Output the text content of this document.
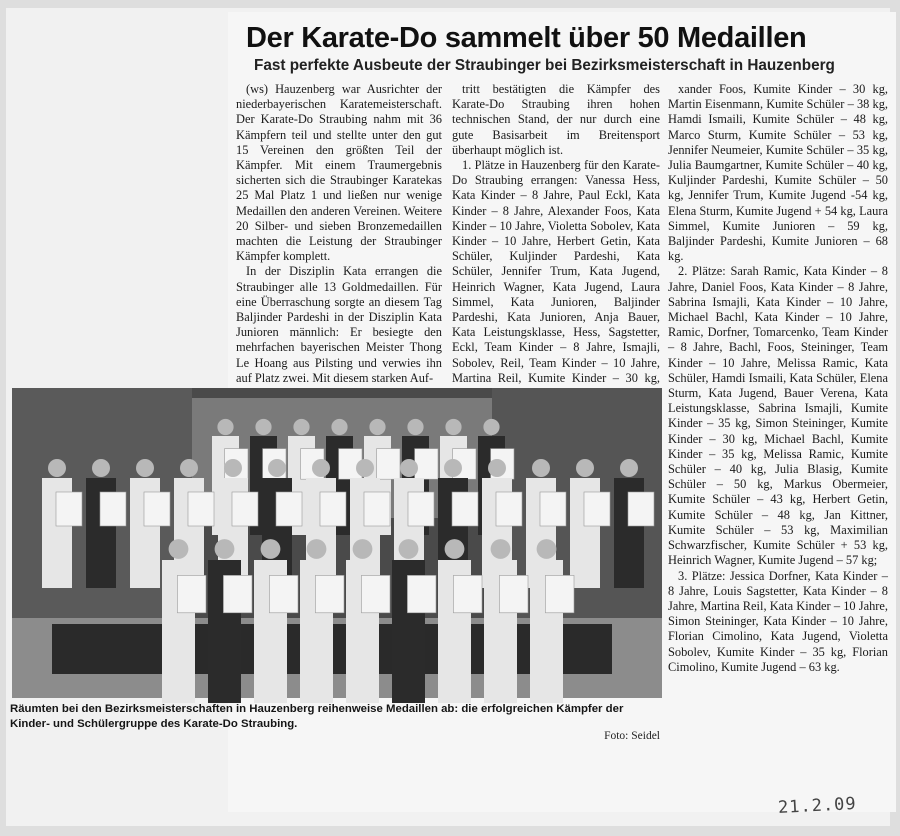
Der Karate-Do sammelt über 50 Medaillen
Fast perfekte Ausbeute der Straubinger bei Bezirksmeisterschaft in Hauzenberg

(ws) Hauzenberg war Ausrichter der niederbayerischen Karatemeisterschaft. Der Karate-Do Straubing nahm mit 36 Kämpfern teil und stellte unter den gut 15 Vereinen den größten Teil der Kämpfer. Mit einem Traumergebnis sicherten sich die Straubinger Karatekas 25 Mal Platz 1 und ließen nur wenige Medaillen den anderen Vereinen. Weitere 20 Silber- und sieben Bronzemedaillen machten die Leistung der Straubinger Kämpfer komplett.

In der Disziplin Kata errangen die Straubinger alle 13 Goldmedaillen. Für eine Überraschung sorgte an diesem Tag Baljinder Pardeshi in der Disziplin Kata Junioren männlich: Er besiegte den mehrfachen bayerischen Meister Thong Le Hoang aus Pilsting und verwies ihn auf Platz zwei. Mit diesem starken Auf-

tritt bestätigten die Kämpfer des Karate-Do Straubing ihren hohen technischen Stand, der nur durch eine gute Basisarbeit im Breitensport überhaupt möglich ist.

1. Plätze in Hauzenberg für den Karate-Do Straubing errangen: Vanessa Hess, Kata Kinder – 8 Jahre, Paul Eckl, Kata Kinder – 8 Jahre, Alexander Foos, Kata Kinder – 10 Jahre, Violetta Sobolev, Kata Kinder – 10 Jahre, Herbert Getin, Kata Schüler, Kuljinder Pardeshi, Kata Schüler, Jennifer Trum, Kata Jugend, Heinrich Wagner, Kata Jugend, Laura Simmel, Kata Junioren, Baljinder Pardeshi, Kata Junioren, Anja Bauer, Kata Leistungsklasse, Hess, Sagstetter, Eckl, Team Kinder – 8 Jahre, Ismajli, Sobolev, Reil, Team Kinder – 10 Jahre, Martina Reil, Kumite Kinder – 30 kg,

xander Foos, Kumite Kinder – 30 kg, Martin Eisenmann, Kumite Schüler – 38 kg, Hamdi Ismaili, Kumite Schüler – 48 kg, Marco Sturm, Kumite Schüler – 53 kg, Jennifer Neumeier, Kumite Schüler – 35 kg, Julia Baumgartner, Kumite Schüler – 40 kg, Kuljinder Pardeshi, Kumite Schüler – 50 kg, Jennifer Trum, Kumite Jugend -54 kg, Elena Sturm, Kumite Jugend + 54 kg, Laura Simmel, Kumite Junioren – 59 kg, Baljinder Pardeshi, Kumite Junioren – 68 kg.

2. Plätze: Sarah Ramic, Kata Kinder – 8 Jahre, Daniel Foos, Kata Kinder – 8 Jahre, Sabrina Ismajli, Kata Kinder – 10 Jahre, Michael Bachl, Kata Kinder – 10 Jahre, Ramic, Dorfner, Tomarcenko, Team Kinder – 8 Jahre, Bachl, Foos, Steininger, Team Kinder – 10 Jahre, Melissa Ramic, Kata Schüler, Hamdi Ismaili, Kata Schüler, Elena Sturm, Kata Jugend, Bauer Verena, Kata Leistungsklasse, Sabrina Ismajli, Kumite Kinder – 35 kg, Simon Steininger, Kumite Kinder – 30 kg, Michael Bachl, Kumite Kinder – 35 kg, Melissa Ramic, Kumite Schüler – 40 kg, Julia Blasig, Kumite Schüler – 50 kg, Markus Obermeier, Kumite Schüler – 43 kg, Herbert Getin, Kumite Schüler – 48 kg, Jan Kittner, Kumite Schüler – 53 kg, Maximilian Schwarzfischer, Kumite Schüler + 53 kg, Heinrich Wagner, Kumite Jugend – 57 kg;

3. Plätze: Jessica Dorfner, Kata Kinder – 8 Jahre, Louis Sagstetter, Kata Kinder – 8 Jahre, Martina Reil, Kata Kinder – 10 Jahre, Simon Steininger, Kata Kinder – 10 Jahre, Florian Cimolino, Kata Jugend, Violetta Sobolev, Kumite Kinder – 35 kg, Florian Cimolino, Kumite Jugend – 63 kg.

Räumten bei den Bezirksmeisterschaften in Hauzenberg reihenweise Medaillen ab: die erfolgreichen Kämpfer der Kinder- und Schülergruppe des Karate-Do Straubing.
Foto: Seidel
21.2.09
